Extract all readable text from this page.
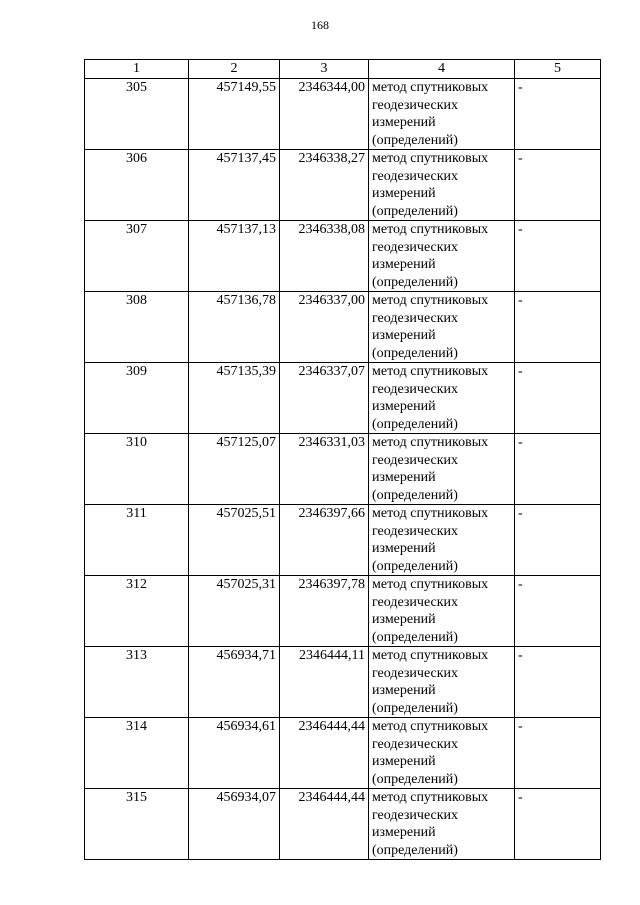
168
1	2	3	4	5
305	457149,55	2346344,00	метод спутниковых
геодезических
измерений
(определений)	-
306	457137,45	2346338,27	метод спутниковых
геодезических
измерений
(определений)	-
307	457137,13	2346338,08	метод спутниковых
геодезических
измерений
(определений)	-
308	457136,78	2346337,00	метод спутниковых
геодезических
измерений
(определений)	-
309	457135,39	2346337,07	метод спутниковых
геодезических
измерений
(определений)	-
310	457125,07	2346331,03	метод спутниковых
геодезических
измерений
(определений)	-
311	457025,51	2346397,66	метод спутниковых
геодезических
измерений
(определений)	-
312	457025,31	2346397,78	метод спутниковых
геодезических
измерений
(определений)	-
313	456934,71	2346444,11	метод спутниковых
геодезических
измерений
(определений)	-
314	456934,61	2346444,44	метод спутниковых
геодезических
измерений
(определений)	-
315	456934,07	2346444,44	метод спутниковых
геодезических
измерений
(определений)	-
